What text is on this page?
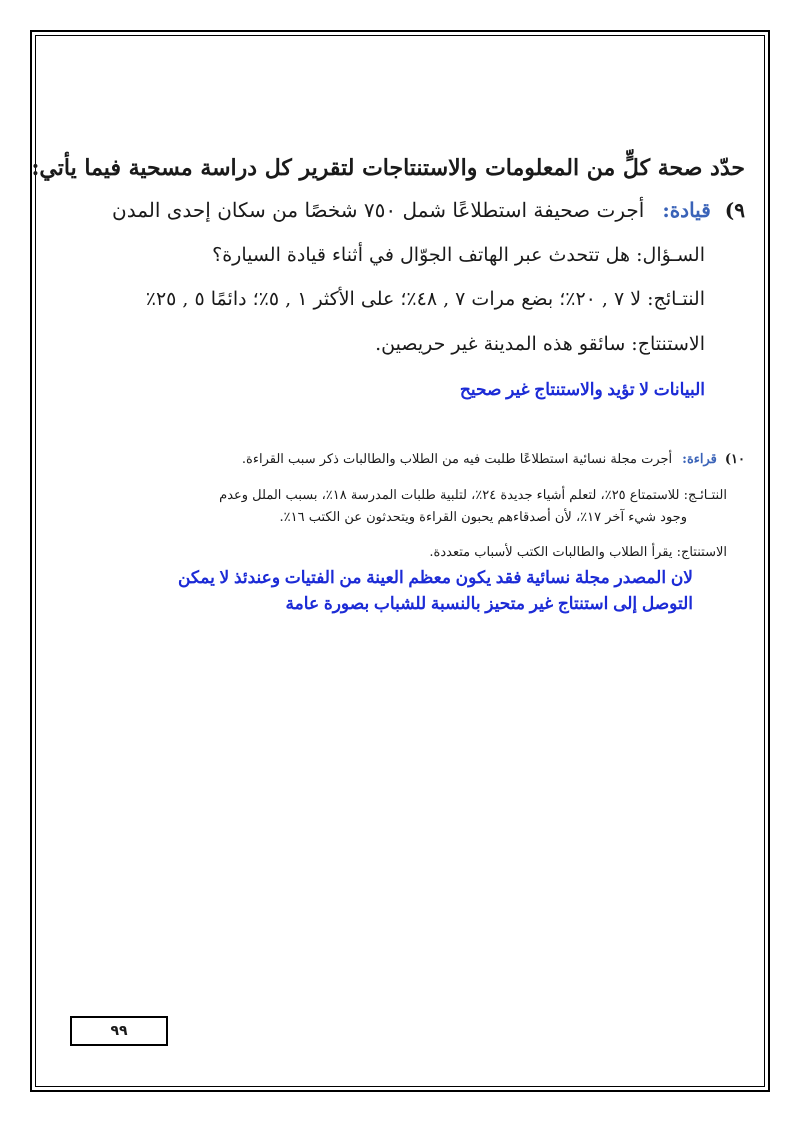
حدّد صحة كلٍّ من المعلومات والاستنتاجات لتقرير كل دراسة مسحية فيما يأتي:
٩)قيادة:أجرت صحيفة استطلاعًا شمل ٧٥٠ شخصًا من سكان إحدى المدن
السـؤال: هل تتحدث عبر الهاتف الجوّال في أثناء قيادة السيارة؟
النتـائج: لا ٧ , ٢٠٪؛ بضع مرات ٧ , ٤٨٪؛ على الأكثر ١ , ٥٪؛ دائمًا ٥ , ٢٥٪
الاستنتاج: سائقو هذه المدينة غير حريصين.
البيانات لا تؤيد والاستنتاج غير صحيح
١٠)قراءة:أجرت مجلة نسائية استطلاعًا طلبت فيه من الطلاب والطالبات ذكر سبب القراءة.
النتـائـج: للاستمتاع ٢٥٪، لتعلم أشياء جديدة ٢٤٪، لتلبية طلبات المدرسة ١٨٪، بسبب الملل وعدم
وجود شيء آخر ١٧٪، لأن أصدقاءهم يحبون القراءة ويتحدثون عن الكتب ١٦٪.
الاستنتاج: يقرأ الطلاب والطالبات الكتب لأسباب متعددة.
لان المصدر مجلة نسائية فقد يكون معظم العينة من الفتيات وعندئذ لا يمكن
التوصل إلى استنتاج غير متحيز بالنسبة للشباب بصورة عامة
٩٩
